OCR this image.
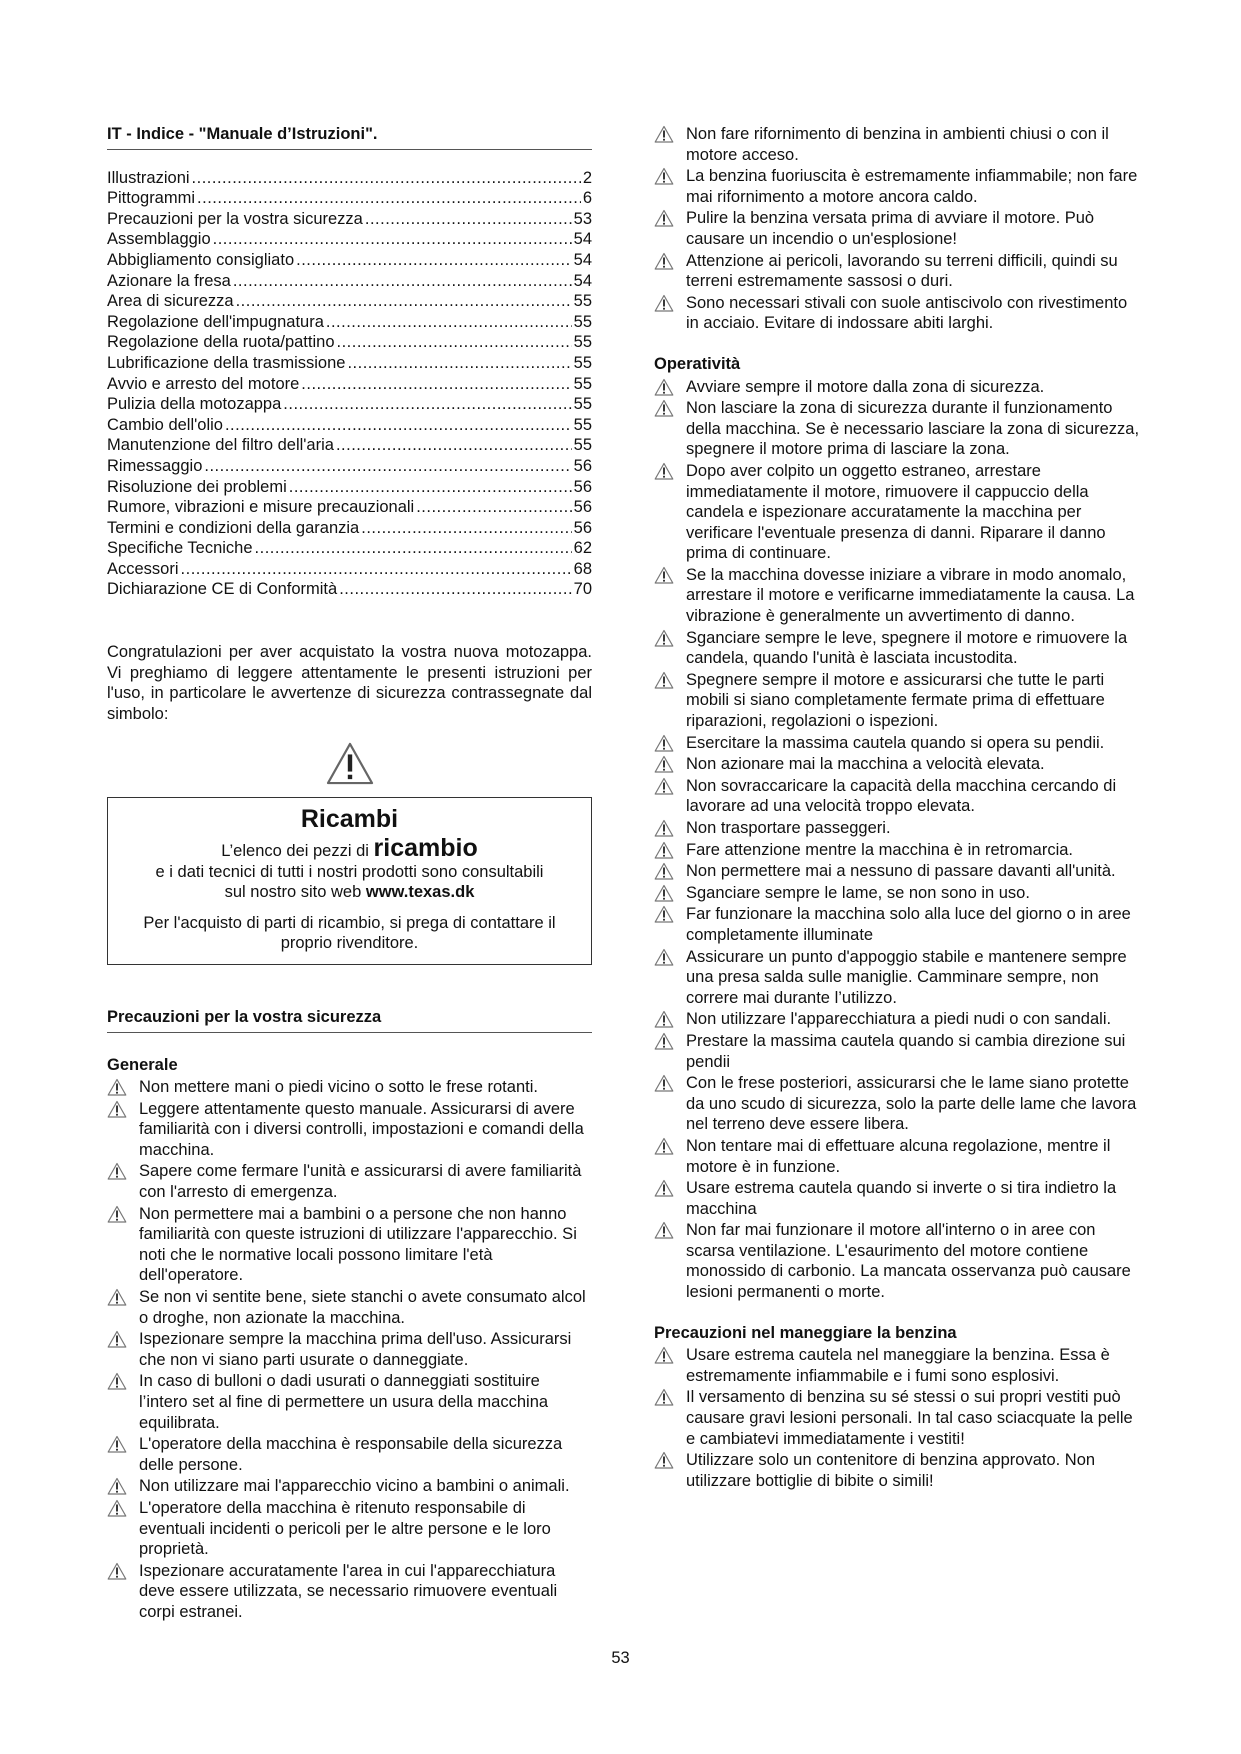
IT - Indice - "Manuale d’Istruzioni".

Illustrazioni .....	2
Pittogrammi .....	6
Precauzioni per la vostra sicurezza .....	53
Assemblaggio .....	54
Abbigliamento consigliato .....	54
Azionare la fresa .....	54
Area di sicurezza .....	55
Regolazione dell'impugnatura .....	55
Regolazione della ruota/pattino .....	55
Lubrificazione della trasmissione .....	55
Avvio e arresto del motore .....	55
Pulizia della motozappa .....	55
Cambio dell'olio .....	55
Manutenzione del filtro dell'aria .....	55
Rimessaggio .....	56
Risoluzione dei problemi .....	56
Rumore, vibrazioni e misure precauzionali .....	56
Termini e condizioni della garanzia .....	56
Specifiche Tecniche .....	62
Accessori .....	68
Dichiarazione CE di Conformità .....	70

Congratulazioni per aver acquistato la vostra nuova motozappa. Vi preghiamo di leggere attentamente le presenti istruzioni per l'uso, in particolare le avvertenze di sicurezza contrassegnate dal simbolo:

Ricambi

L’elenco dei pezzi di ricambio

e i dati tecnici di tutti i nostri prodotti sono consultabili

sul nostro sito web www.texas.dk

Per l'acquisto di parti di ricambio, si prega di contattare il

proprio rivenditore.

Precauzioni per la vostra sicurezza

Generale

Non mettere mani o piedi vicino o sotto le frese rotanti.
Leggere attentamente questo manuale. Assicurarsi di avere familiarità con i diversi controlli, impostazioni e comandi della macchina.
Sapere come fermare l'unità e assicurarsi di avere familiarità con l'arresto di emergenza.
Non permettere mai a bambini o a persone che non hanno familiarità con queste istruzioni di utilizzare l'apparecchio. Si noti che le normative locali possono limitare l'età dell'operatore.
Se non vi sentite bene, siete stanchi o avete consumato alcol o droghe, non azionate la macchina.
Ispezionare sempre la macchina prima dell'uso. Assicurarsi che non vi siano parti usurate o danneggiate.
In caso di bulloni o dadi usurati o danneggiati sostituire l’intero set al fine di permettere un usura della macchina equilibrata.
L'operatore della macchina è responsabile della sicurezza delle persone.
Non utilizzare mai l'apparecchio vicino a bambini o animali.
L'operatore della macchina è ritenuto responsabile di eventuali incidenti o pericoli per le altre persone e le loro proprietà.
Ispezionare accuratamente l'area in cui l'apparecchiatura deve essere utilizzata, se necessario rimuovere eventuali corpi estranei.
Non fare rifornimento di benzina in ambienti chiusi o con il motore acceso.
La benzina fuoriuscita è estremamente infiammabile; non fare mai rifornimento a motore ancora caldo.
Pulire la benzina versata prima di avviare il motore. Può causare un incendio o un'esplosione!
Attenzione ai pericoli, lavorando su terreni difficili, quindi su terreni estremamente sassosi o duri.
Sono necessari stivali con suole antiscivolo con rivestimento in acciaio. Evitare di indossare abiti larghi.

Operatività

Avviare sempre il motore dalla zona di sicurezza.
Non lasciare la zona di sicurezza durante il funzionamento della macchina. Se è necessario lasciare la zona di sicurezza, spegnere il motore prima di lasciare la zona.
Dopo aver colpito un oggetto estraneo, arrestare immediatamente il motore, rimuovere il cappuccio della candela e ispezionare accuratamente la macchina per verificare l'eventuale presenza di danni. Riparare il danno prima di continuare.
Se la macchina dovesse iniziare a vibrare in modo anomalo, arrestare il motore e verificarne immediatamente la causa. La vibrazione è generalmente un avvertimento di danno.
Sganciare sempre le leve, spegnere il motore e rimuovere la candela, quando l'unità è lasciata incustodita.
Spegnere sempre il motore e assicurarsi che tutte le parti mobili si siano completamente fermate prima di effettuare riparazioni, regolazioni o ispezioni.
Esercitare la massima cautela quando si opera su pendii.
Non azionare mai la macchina a velocità elevata.
Non sovraccaricare la capacità della macchina cercando di lavorare ad una velocità troppo elevata.
Non trasportare passeggeri.
Fare attenzione mentre la macchina è in retromarcia.
Non permettere mai a nessuno di passare davanti all'unità.
Sganciare sempre le lame, se non sono in uso.
Far funzionare la macchina solo alla luce del giorno o in aree completamente illuminate
Assicurare un punto d'appoggio stabile e mantenere sempre una presa salda sulle maniglie. Camminare sempre, non correre mai durante l’utilizzo.
Non utilizzare l'apparecchiatura a piedi nudi o con sandali.
Prestare la massima cautela quando si cambia direzione sui pendii
Con le frese posteriori, assicurarsi che le lame siano protette da uno scudo di sicurezza, solo la parte delle lame che lavora nel terreno deve essere libera.
Non tentare mai di effettuare alcuna regolazione, mentre il motore è in funzione.
Usare estrema cautela quando si inverte o si tira indietro la macchina
Non far mai funzionare il motore all'interno o in aree con scarsa ventilazione. L'esaurimento del motore contiene monossido di carbonio. La mancata osservanza può causare lesioni permanenti o morte.

Precauzioni nel maneggiare la benzina

Usare estrema cautela nel maneggiare la benzina. Essa è estremamente infiammabile e i fumi sono esplosivi.
Il versamento di benzina su sé stessi o sui propri vestiti può causare gravi lesioni personali. In tal caso sciacquate la pelle e cambiatevi immediatamente i vestiti!
Utilizzare solo un contenitore di benzina approvato. Non utilizzare bottiglie di bibite o simili!
53
